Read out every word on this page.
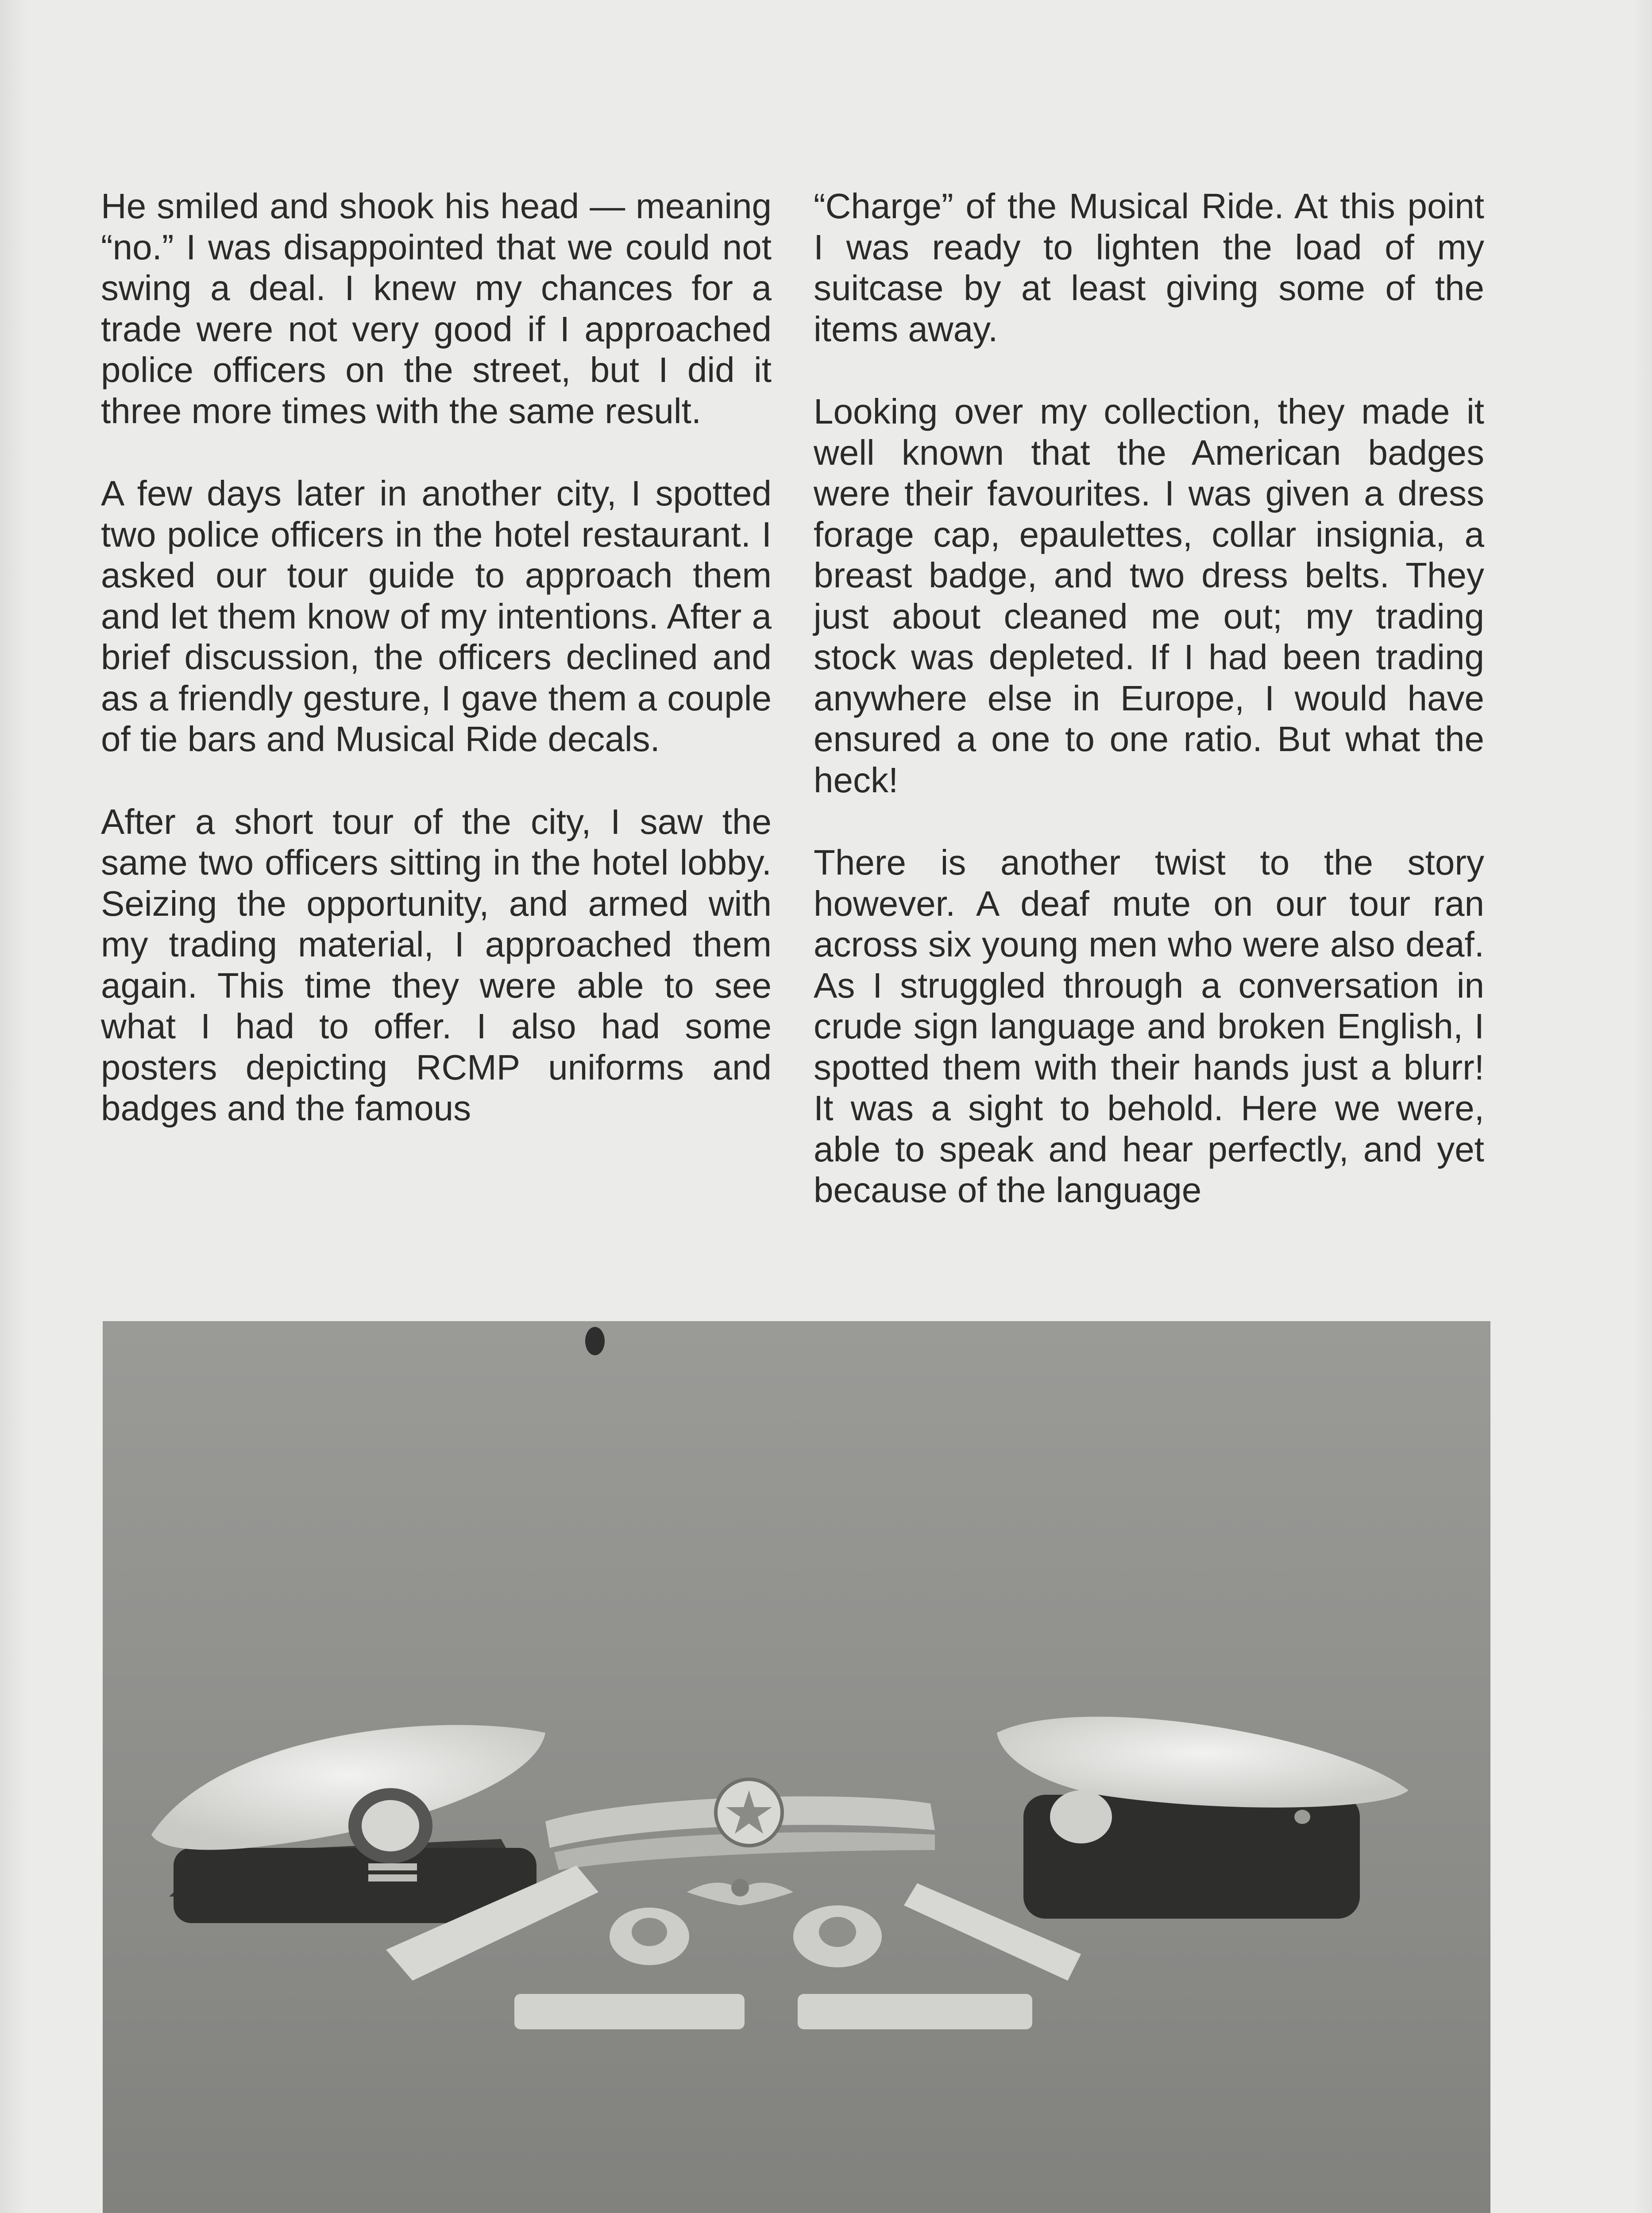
He smiled and shook his head — meaning “no.” I was disappointed that we could not swing a deal. I knew my chances for a trade were not very good if I approached police officers on the street, but I did it three more times with the same result.

A few days later in another city, I spotted two police officers in the hotel restaurant. I asked our tour guide to approach them and let them know of my intentions. After a brief discussion, the officers declined and as a friendly gesture, I gave them a couple of tie bars and Musical Ride decals.

After a short tour of the city, I saw the same two officers sitting in the hotel lobby. Seizing the opportunity, and armed with my trading material, I approached them again. This time they were able to see what I had to offer. I also had some posters depicting RCMP uniforms and badges and the famous

“Charge” of the Musical Ride. At this point I was ready to lighten the load of my suitcase by at least giving some of the items away.

Looking over my collection, they made it well known that the American badges were their favourites. I was given a dress forage cap, epaulettes, collar insignia, a breast badge, and two dress belts. They just about cleaned me out; my trading stock was depleted. If I had been trading anywhere else in Europe, I would have ensured a one to one ratio. But what the heck!

There is another twist to the story however. A deaf mute on our tour ran across six young men who were also deaf. As I struggled through a conversation in crude sign language and broken English, I spotted them with their hands just a blurr! It was a sight to behold. Here we were, able to speak and hear perfectly, and yet because of the language
